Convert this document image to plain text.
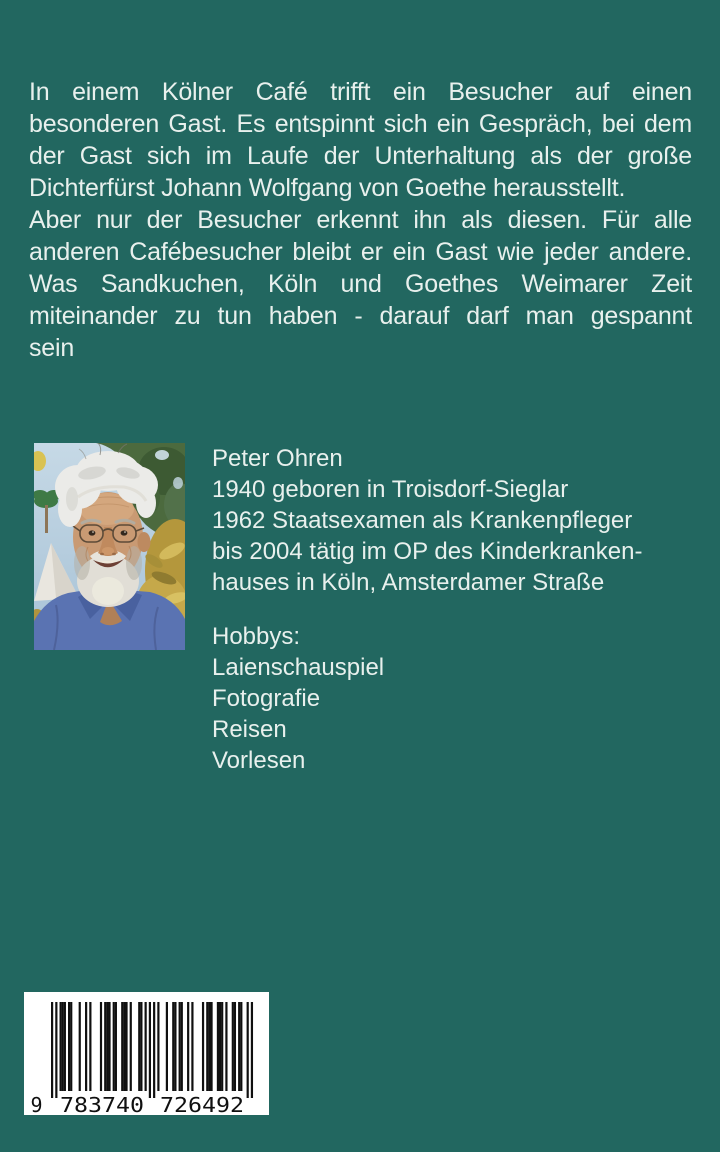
In einem Kölner Café trifft ein Besucher auf einen
besonderen Gast. Es entspinnt sich ein Gespräch, bei dem
der Gast sich im Laufe der Unterhaltung als der große
Dichterfürst Johann Wolfgang von Goethe herausstellt.
Aber nur der Besucher erkennt ihn als diesen. Für alle
anderen Cafébesucher bleibt er ein Gast wie jeder andere.
Was Sandkuchen, Köln und Goethes Weimarer Zeit
miteinander zu tun haben - darauf darf man gespannt
sein
Peter Ohren
1940 geboren in Troisdorf-Sieglar
1962 Staatsexamen als Krankenpfleger
bis 2004 tätig im OP des Kinderkranken-
hauses in Köln, Amsterdamer Straße
Hobbys:
Laienschauspiel
Fotografie
Reisen
Vorlesen
9 783740 726492
